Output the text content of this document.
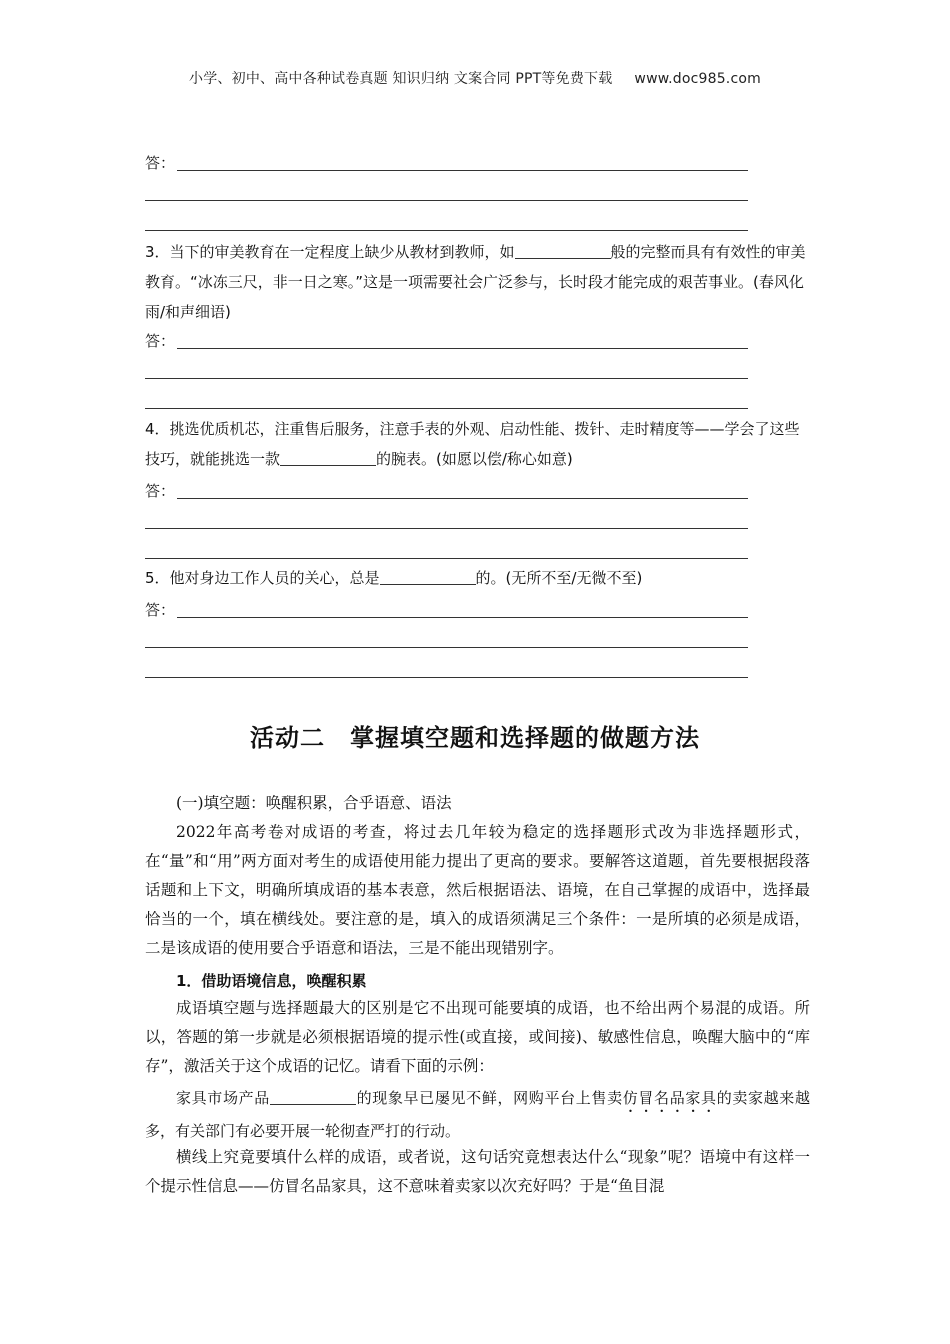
小学、初中、高中各种试卷真题 知识归纳 文案合同 PPT等免费下载 www.doc985.com
答：
3．当下的审美教育在一定程度上缺少从教材到教师，如	般的完整而具有有效性的审美教育。“冰冻三尺，非一日之寒。”这是一项需要社会广泛参与，长时段才能完成的艰苦事业。(春风化雨/和声细语)
答：
4．挑选优质机芯，注重售后服务，注意手表的外观、启动性能、拨针、走时精度等——学会了这些技巧，就能挑选一款	的腕表。(如愿以偿/称心如意)
答：
5．他对身边工作人员的关心，总是	的。(无所不至/无微不至)
答：
活动二　掌握填空题和选择题的做题方法
(一)填空题：唤醒积累，合乎语意、语法
2022年高考卷对成语的考查，将过去几年较为稳定的选择题形式改为非选择题形式，在“量”和“用”两方面对考生的成语使用能力提出了更高的要求。要解答这道题，首先要根据段落话题和上下文，明确所填成语的基本表意，然后根据语法、语境，在自己掌握的成语中，选择最恰当的一个，填在横线处。要注意的是，填入的成语须满足三个条件：一是所填的必须是成语，二是该成语的使用要合乎语意和语法，三是不能出现错别字。
1．借助语境信息，唤醒积累
成语填空题与选择题最大的区别是它不出现可能要填的成语，也不给出两个易混的成语。所以，答题的第一步就是必须根据语境的提示性(或直接，或间接)、敏感性信息，唤醒大脑中的“库存”，激活关于这个成语的记忆。请看下面的示例：
家具市场产品	的现象早已屡见不鲜，网购平台上售卖仿冒名品家具的卖家越来越多，有关部门有必要开展一轮彻查严打的行动。
横线上究竟要填什么样的成语，或者说，这句话究竟想表达什么“现象”呢？语境中有这样一个提示性信息——仿冒名品家具，这不意味着卖家以次充好吗？于是“鱼目混
